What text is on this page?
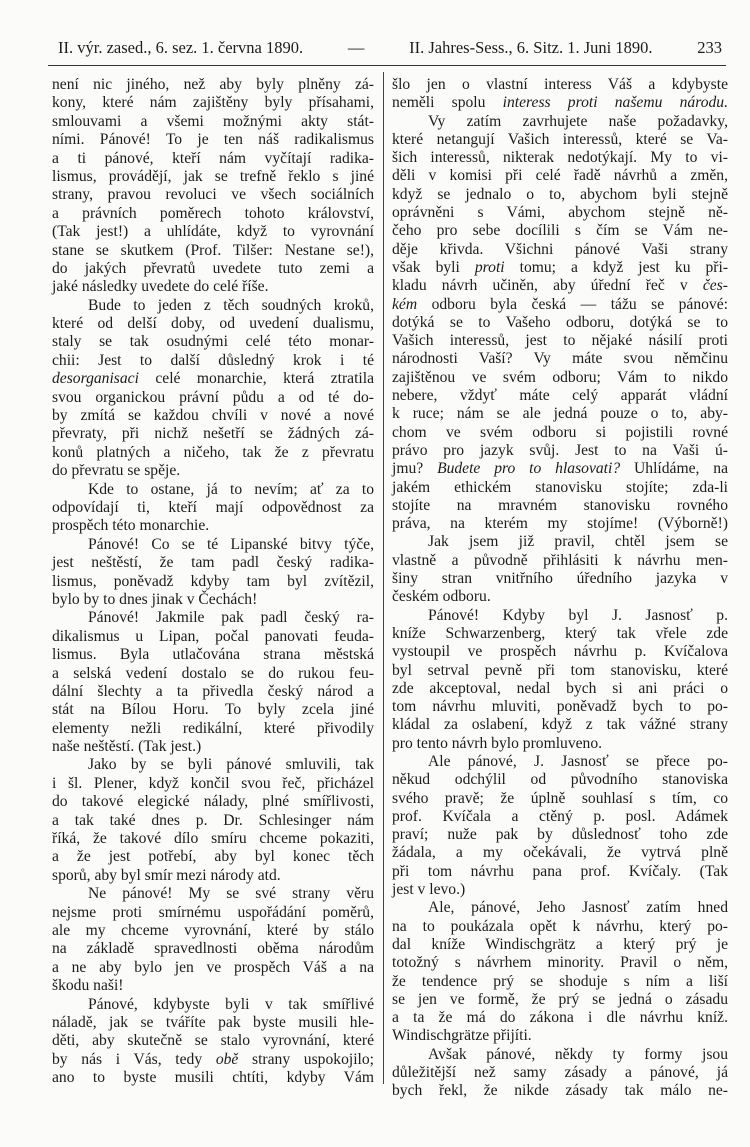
II. výr. zased., 6. sez. 1. června 1890.	—	II. Jahres-Sess., 6. Sitz. 1. Juni 1890.	233
není nic jiného, než aby byly plněny zá-
kony, které nám zajištěny byly přísahami,
smlouvami a všemi možnými akty stát-
ními. Pánové! To je ten náš radikalismus
a ti pánové, kteří nám vyčítají radika-
lismus, provádějí, jak se trefně řeklo s jiné
strany, pravou revoluci ve všech sociálních
a právních poměrech tohoto království,
(Tak jest!) a uhlídáte, když to vyrovnání
stane se skutkem (Prof. Tilšer: Nestane se!),
do jakých převratů uvedete tuto zemi a
jaké následky uvedete do celé říše.
Bude to jeden z těch soudných kroků,
které od delší doby, od uvedení dualismu,
staly se tak osudnými celé této monar-
chii: Jest to další důsledný krok i té
desorganisaci celé monarchie, která ztratila
svou organickou právní půdu a od té do-
by zmítá se každou chvíli v nové a nové
převraty, při nichž nešetří se žádných zá-
konů platných a ničeho, tak že z převratu
do převratu se spěje.
Kde to ostane, já to nevím; ať za to
odpovídají ti, kteří mají odpovědnost za
prospěch této monarchie.
Pánové! Co se té Lipanské bitvy týče,
jest neštěstí, že tam padl český radika-
lismus, poněvadž kdyby tam byl zvítězil,
bylo by to dnes jinak v Čechách!
Pánové! Jakmile pak padl český ra-
dikalismus u Lipan, počal panovati feuda-
lismus. Byla utlačována strana městská
a selská vedení dostalo se do rukou feu-
dální šlechty a ta přivedla český národ a
stát na Bílou Horu. To byly zcela jiné
elementy nežli redikální, které přivodily
naše neštěstí. (Tak jest.)
Jako by se byli pánové smluvili, tak
i šl. Plener, když končil svou řeč, přicházel
do takové elegické nálady, plné smířlivosti,
a tak také dnes p. Dr. Schlesinger nám
říká, že takové dílo smíru chceme pokaziti,
a že jest potřebí, aby byl konec těch
sporů, aby byl smír mezi národy atd.
Ne pánové! My se své strany věru
nejsme proti smírnému uspořádání poměrů,
ale my chceme vyrovnání, které by stálo
na základě spravedlnosti oběma národům
a ne aby bylo jen ve prospěch Váš a na
škodu naši!
Pánové, kdybyste byli v tak smířlivé
náladě, jak se tváříte pak byste musili hle-
děti, aby skutečně se stalo vyrovnání, které
by nás i Vás, tedy obě strany uspokojilo;
ano to byste musili chtíti, kdyby Vám
šlo jen o vlastní interess Váš a kdybyste
neměli spolu interess proti našemu národu.
Vy zatím zavrhujete naše požadavky,
které netangují Vašich interessů, které se Va-
šich interessů, nikterak nedotýkají. My to vi-
děli v komisi při celé řadě návrhů a změn,
když se jednalo o to, abychom byli stejně
oprávněni s Vámi, abychom stejně ně-
čeho pro sebe docílili s čím se Vám ne-
děje křivda. Všichni pánové Vaši strany
však byli proti tomu; a když jest ku při-
kladu návrh učiněn, aby úřední řeč v čes-
kém odboru byla česká — tážu se pánové:
dotýká se to Vašeho odboru, dotýká se to
Vašich interessů, jest to nějaké násilí proti
národnosti Vaší? Vy máte svou němčinu
zajištěnou ve svém odboru; Vám to nikdo
nebere, vždyť máte celý apparát vládní
k ruce; nám se ale jedná pouze o to, aby-
chom ve svém odboru si pojistili rovné
právo pro jazyk svůj. Jest to na Vaši ú-
jmu? Budete pro to hlasovati? Uhlídáme, na
jakém ethickém stanovisku stojíte; zda-li
stojíte na mravném stanovisku rovného
práva, na kterém my stojíme! (Výborně!)
Jak jsem již pravil, chtěl jsem se
vlastně a původně přihlásiti k návrhu men-
šiny stran vnitřního úředního jazyka v
českém odboru.
Pánové! Kdyby byl J. Jasnosť p.
kníže Schwarzenberg, který tak vřele zde
vystoupil ve prospěch návrhu p. Kvíčalova
byl setrval pevně při tom stanovisku, které
zde akceptoval, nedal bych si ani práci o
tom návrhu mluviti, poněvadž bych to po-
kládal za oslabení, když z tak vážné strany
pro tento návrh bylo promluveno.
Ale pánové, J. Jasnosť se přece po-
někud odchýlil od původního stanoviska
svého pravě; že úplně souhlasí s tím, co
prof. Kvíčala a ctěný p. posl. Adámek
praví; nuže pak by důslednosť toho zde
žádala, a my očekávali, že vytrvá plně
při tom návrhu pana prof. Kvíčaly. (Tak
jest v levo.)
Ale, pánové, Jeho Jasnosť zatím hned
na to poukázala opět k návrhu, který po-
dal kníže Windischgrätz a který prý je
totožný s návrhem minority. Pravil o něm,
že tendence prý se shoduje s ním a liší
se jen ve formě, že prý se jedná o zásadu
a ta že má do zákona i dle návrhu kníž.
Windischgrätze přijíti.
Avšak pánové, někdy ty formy jsou
důležitější než samy zásady a pánové, já
bych řekl, že nikde zásady tak málo ne-
